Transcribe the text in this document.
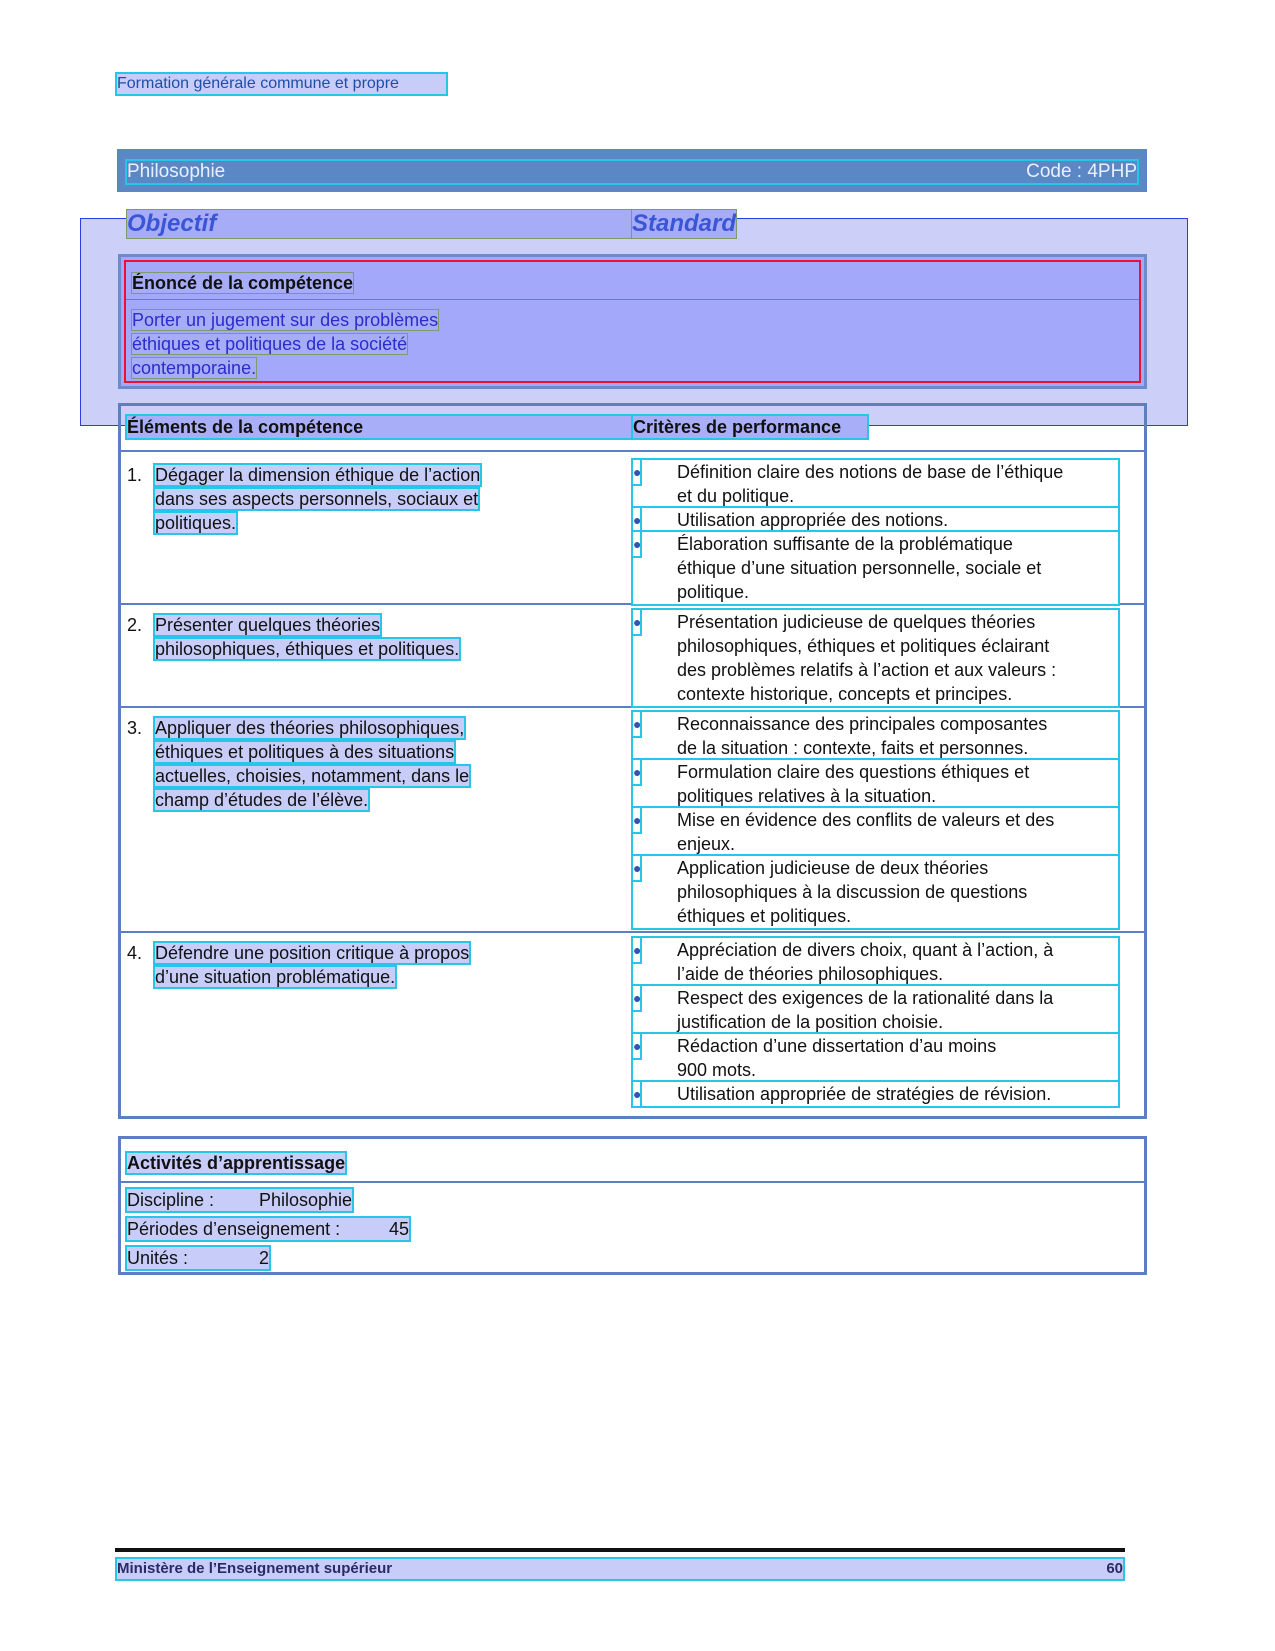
Formation générale commune et propre
Philosophie	Code : 4PHP
Objectif	Standard
Énoncé de la compétence
Porter un jugement sur des problèmes
éthiques et politiques de la société
contemporaine.
Éléments de la compétence	Critères de performance
1. Dégager la dimension éthique de l’action
dans ses aspects personnels, sociaux et
politiques.
● Définition claire des notions de base de l’éthique
et du politique.
● Utilisation appropriée des notions.
● Élaboration suffisante de la problématique
éthique d’une situation personnelle, sociale et
politique.
2. Présenter quelques théories
philosophiques, éthiques et politiques.
● Présentation judicieuse de quelques théories
philosophiques, éthiques et politiques éclairant
des problèmes relatifs à l’action et aux valeurs :
contexte historique, concepts et principes.
3. Appliquer des théories philosophiques,
éthiques et politiques à des situations
actuelles, choisies, notamment, dans le
champ d’études de l’élève.
● Reconnaissance des principales composantes
de la situation : contexte, faits et personnes.
● Formulation claire des questions éthiques et
politiques relatives à la situation.
● Mise en évidence des conflits de valeurs et des
enjeux.
● Application judicieuse de deux théories
philosophiques à la discussion de questions
éthiques et politiques.
4. Défendre une position critique à propos
d’une situation problématique.
● Appréciation de divers choix, quant à l’action, à
l’aide de théories philosophiques.
● Respect des exigences de la rationalité dans la
justification de la position choisie.
● Rédaction d’une dissertation d’au moins
900 mots.
● Utilisation appropriée de stratégies de révision.
Activités d’apprentissage
Discipline : Philosophie
Périodes d’enseignement :	45
Unités :	2
Ministère de l’Enseignement supérieur	60
